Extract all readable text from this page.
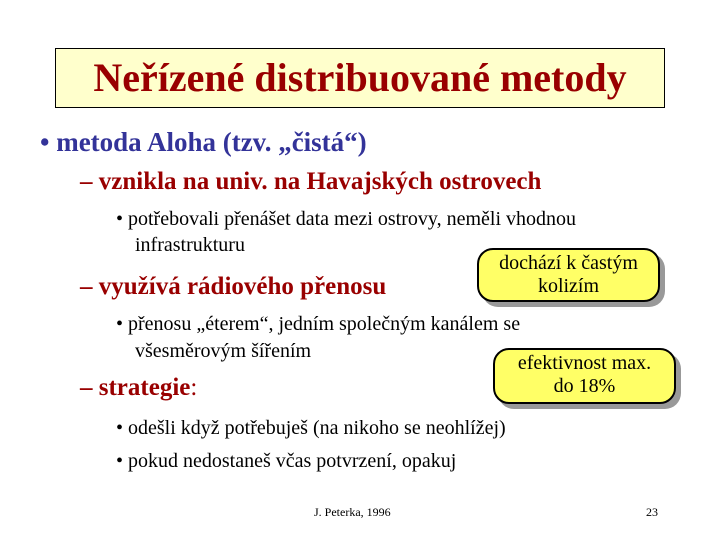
Neřízené distribuované metody
• metoda Aloha (tzv. „čistá“)
– vznikla na univ. na Havajských ostrovech
• potřebovali přenášet data mezi ostrovy, neměli vhodnou
infrastrukturu
dochází k častým
kolizím
– využívá rádiového přenosu
• přenosu „éterem“, jedním společným kanálem se
všesměrovým šířením
efektivnost max.
do 18%
– strategie:
• odešli když potřebuješ (na nikoho se neohlížej)
• pokud nedostaneš včas potvrzení, opakuj
J. Peterka, 1996	23
